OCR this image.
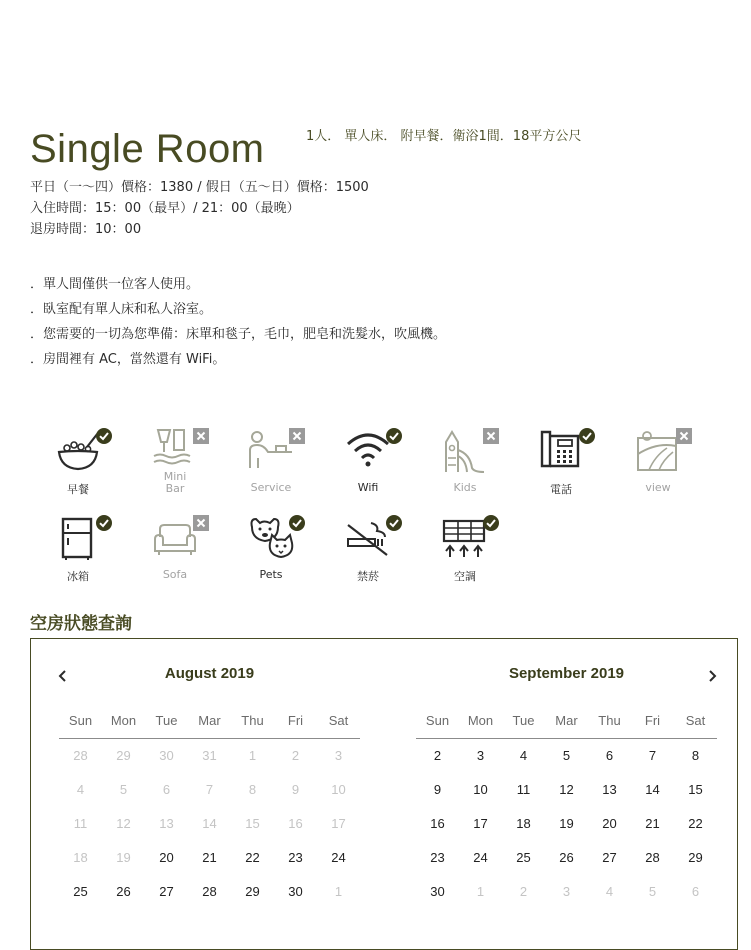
Single Room	1人． 單人床． 附早餐．衛浴1間．18平方公尺
平日（一～四）價格：1380 / 假日（五～日）價格：1500
入住時間：15：00（最早）/ 21：00（最晚）
退房時間：10：00
．單人間僅供一位客人使用。
．臥室配有單人床和私人浴室。
．您需要的一切為您準備：床單和毯子，毛巾，肥皂和洗髮水，吹風機。
．房間裡有 AC，當然還有 WiFi。
早餐
Mini
Bar	Service	Wifi	Kids	電話	view
冰箱	Sofa	Pets	禁菸	空調
空房狀態查詢
August 2019
Sun	Mon	Tue	Mar	Thu	Fri	Sat
28	29	30	31	1	2	3
4	5	6	7	8	9	10
11	12	13	14	15	16	17
18	19	20	21	22	23	24
25	26	27	28	29	30	1
September 2019
Sun	Mon	Tue	Mar	Thu	Fri	Sat
2	3	4	5	6	7	8
9	10	11	12	13	14	15
16	17	18	19	20	21	22
23	24	25	26	27	28	29
30	1	2	3	4	5	6
